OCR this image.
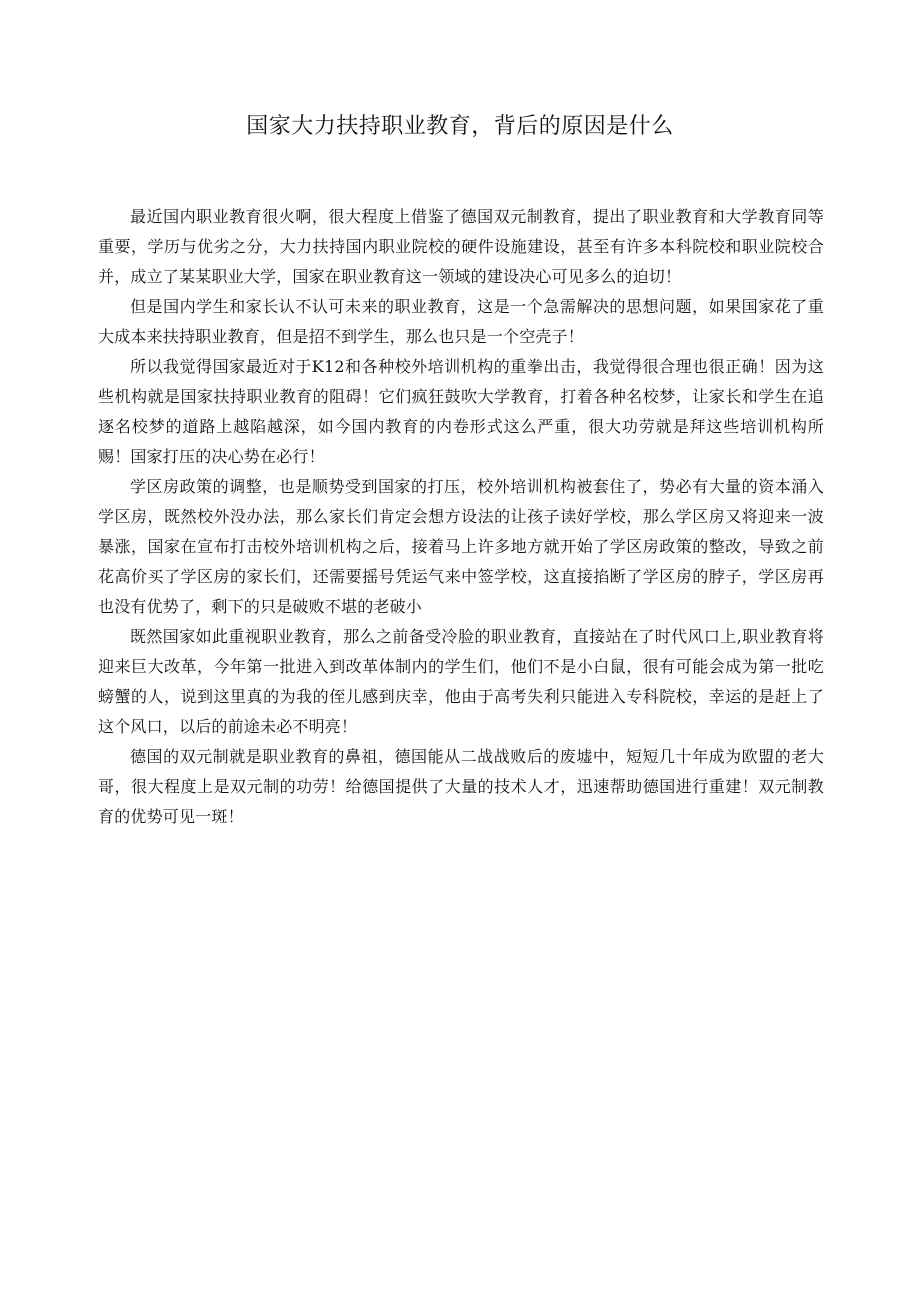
国家大力扶持职业教育，背后的原因是什么

最近国内职业教育很火啊，很大程度上借鉴了德国双元制教育，提出了职业教育和大学教育同等重要，学历与优劣之分，大力扶持国内职业院校的硬件设施建设，甚至有许多本科院校和职业院校合并，成立了某某职业大学，国家在职业教育这一领域的建设决心可见多么的迫切！

但是国内学生和家长认不认可未来的职业教育，这是一个急需解决的思想问题，如果国家花了重大成本来扶持职业教育，但是招不到学生，那么也只是一个空壳子！

所以我觉得国家最近对于K12和各种校外培训机构的重拳出击，我觉得很合理也很正确！因为这些机构就是国家扶持职业教育的阻碍！它们疯狂鼓吹大学教育，打着各种名校梦，让家长和学生在追逐名校梦的道路上越陷越深，如今国内教育的内卷形式这么严重，很大功劳就是拜这些培训机构所赐！国家打压的决心势在必行！

学区房政策的调整，也是顺势受到国家的打压，校外培训机构被套住了，势必有大量的资本涌入学区房，既然校外没办法，那么家长们肯定会想方设法的让孩子读好学校，那么学区房又将迎来一波暴涨，国家在宣布打击校外培训机构之后，接着马上许多地方就开始了学区房政策的整改，导致之前花高价买了学区房的家长们，还需要摇号凭运气来中签学校，这直接掐断了学区房的脖子，学区房再也没有优势了，剩下的只是破败不堪的老破小

既然国家如此重视职业教育，那么之前备受冷脸的职业教育，直接站在了时代风口上,职业教育将迎来巨大改革，今年第一批进入到改革体制内的学生们，他们不是小白鼠，很有可能会成为第一批吃螃蟹的人，说到这里真的为我的侄儿感到庆幸，他由于高考失利只能进入专科院校，幸运的是赶上了这个风口，以后的前途未必不明亮！

德国的双元制就是职业教育的鼻祖，德国能从二战战败后的废墟中，短短几十年成为欧盟的老大哥，很大程度上是双元制的功劳！给德国提供了大量的技术人才，迅速帮助德国进行重建！双元制教育的优势可见一斑！
